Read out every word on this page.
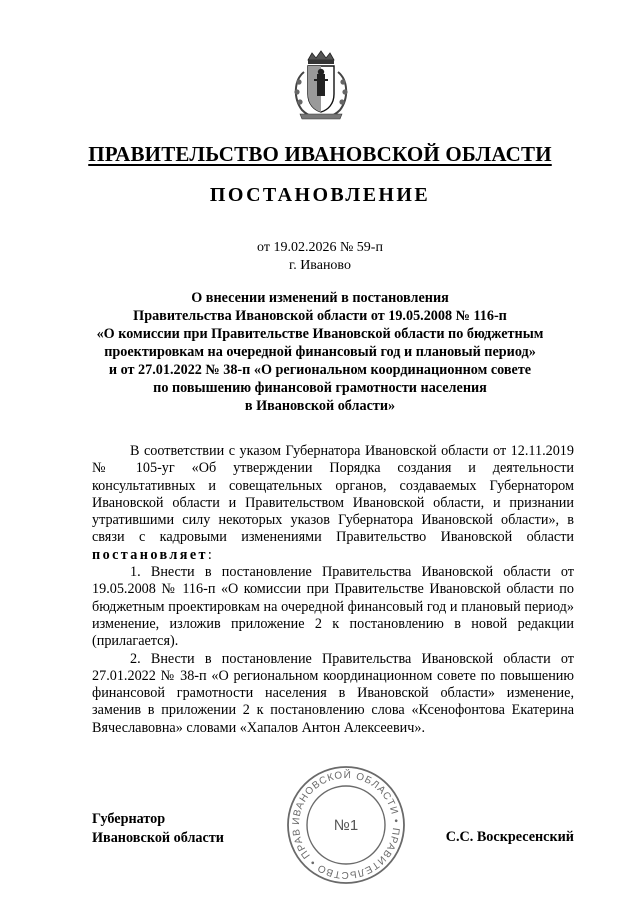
ПРАВИТЕЛЬСТВО ИВАНОВСКОЙ ОБЛАСТИ
ПОСТАНОВЛЕНИЕ
от 19.02.2026 № 59-п
г. Иваново
О внесении изменений в постановления
Правительства Ивановской области от 19.05.2008 № 116-п
«О комиссии при Правительстве Ивановской области по бюджетным
проектировкам на очередной финансовый год и плановый период»
и от 27.01.2022 № 38-п «О региональном координационном совете
по повышению финансовой грамотности населения
в Ивановской области»

В соответствии с указом Губернатора Ивановской области от 12.11.2019 № 105-уг «Об утверждении Порядка создания и деятельности консультативных и совещательных органов, создаваемых Губернатором Ивановской области и Правительством Ивановской области, и признании утратившими силу некоторых указов Губернатора Ивановской области», в связи с кадровыми изменениями Правительство Ивановской области постановляет:

1. Внести в постановление Правительства Ивановской области от 19.05.2008 № 116-п «О комиссии при Правительстве Ивановской области по бюджетным проектировкам на очередной финансовый год и плановый период» изменение, изложив приложение 2 к постановлению в новой редакции (прилагается).

2. Внести в постановление Правительства Ивановской области от 27.01.2022 № 38-п «О региональном координационном совете по повышению финансовой грамотности населения в Ивановской области» изменение, заменив в приложении 2 к постановлению слова «Ксенофонтова Екатерина Вячеславовна» словами «Хапалов Антон Алексеевич».

Губернатор
Ивановской области	С.С. Воскресенский
ИВАНОВСКОЙ ОБЛАСТИ • ПРАВИТЕЛЬСТВО • ПРАВ	№1
